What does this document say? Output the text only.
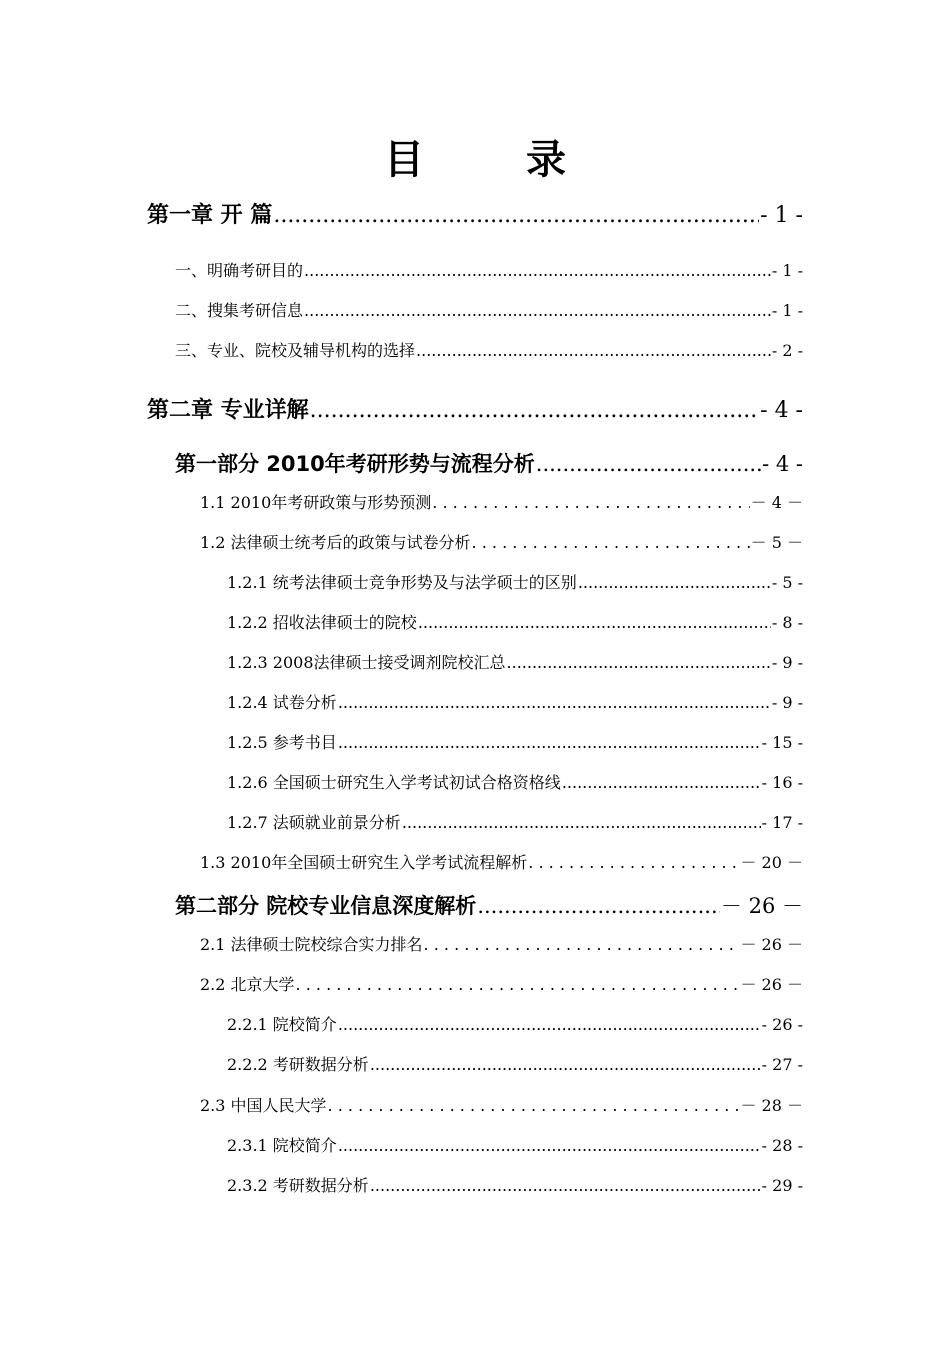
目 录
第一章 开 篇 .....	- 1 -
一、明确考研目的 .....	- 1 -
二、搜集考研信息 .....	- 1 -
三、专业、院校及辅导机构的选择 .....	- 2 -
第二章 专业详解 .....	- 4 -
第一部分 2010年考研形势与流程分析 .....	- 4 -
1.1 2010年考研政策与形势预测 . . .	－ 4 －
1.2 法律硕士统考后的政策与试卷分析 . . .	－ 5 －
1.2.1 统考法律硕士竞争形势及与法学硕士的区别 .....	- 5 -
1.2.2 招收法律硕士的院校 .....	- 8 -
1.2.3 2008法律硕士接受调剂院校汇总 .....	- 9 -
1.2.4 试卷分析 .....	- 9 -
1.2.5 参考书目 .....	- 15 -
1.2.6 全国硕士研究生入学考试初试合格资格线 .....	- 16 -
1.2.7 法硕就业前景分析 .....	- 17 -
1.3 2010年全国硕士研究生入学考试流程解析 . . .	－ 20 －
第二部分 院校专业信息深度解析 .....	－ 26 －
2.1 法律硕士院校综合实力排名 . . .	－ 26 －
2.2 北京大学 . . .	－ 26 －
2.2.1 院校简介 .....	- 26 -
2.2.2 考研数据分析 .....	- 27 -
2.3 中国人民大学 . . .	－ 28 －
2.3.1 院校简介 .....	- 28 -
2.3.2 考研数据分析 .....	- 29 -
